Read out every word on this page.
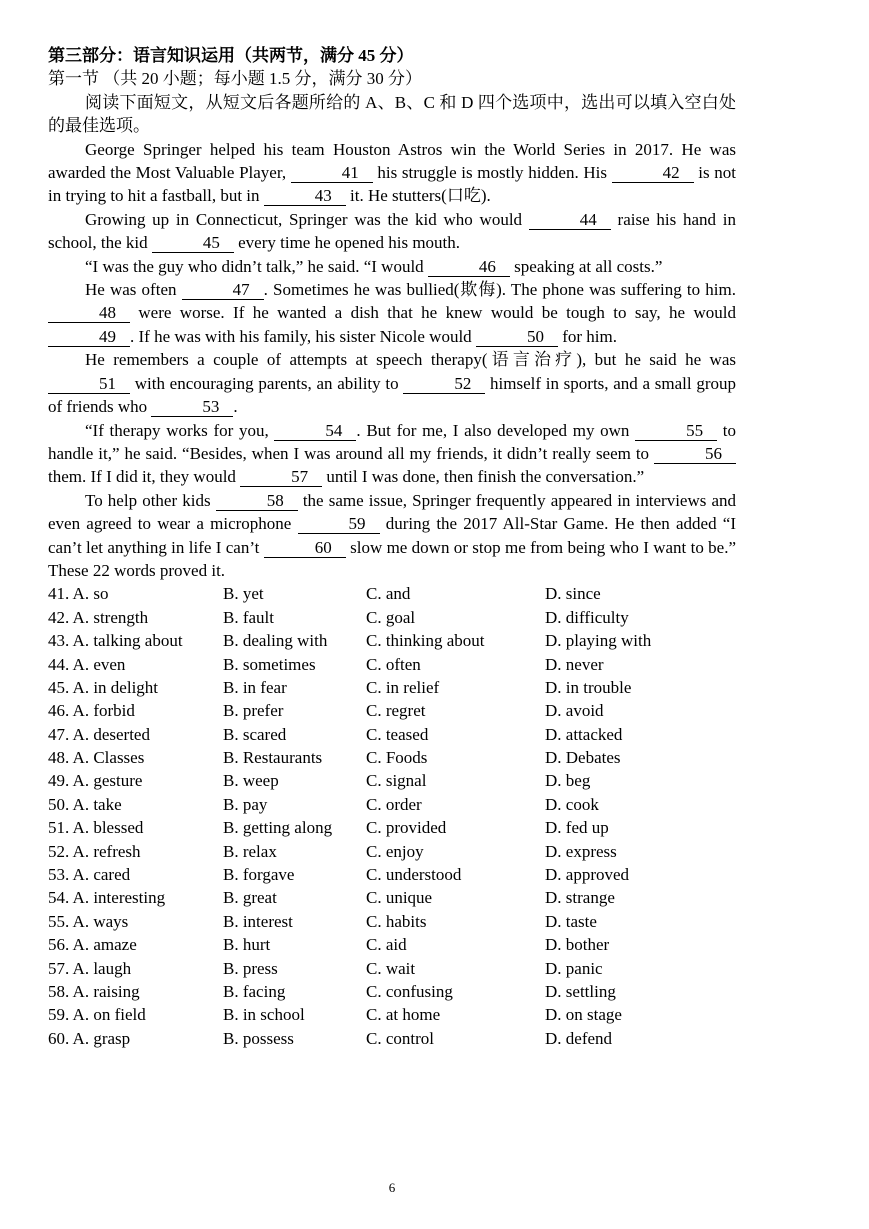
第三部分：语言知识运用（共两节，满分 45 分）

第一节 （共 20 小题；每小题 1.5 分，满分 30 分）

阅读下面短文，从短文后各题所给的 A、B、C 和 D 四个选项中，选出可以填入空白处的最佳选项。

George Springer helped his team Houston Astros win the World Series in 2017. He was awarded the Most Valuable Player,	41 his struggle is mostly hidden. His	42 is not in trying to hit a fastball, but in	43 it. He stutters(口吃).

Growing up in Connecticut, Springer was the kid who would	44 raise his hand in school, the kid	45 every time he opened his mouth.

“I was the guy who didn’t talk,” he said. “I would	46 speaking at all costs.”

He was often	47 . Sometimes he was bullied(欺侮). The phone was suffering to him. 48 were worse. If he wanted a dish that he knew would be tough to say, he would 49 . If he was with his family, his sister Nicole would	50 for him.

He remembers a couple of attempts at speech therapy(语言治疗), but he said he was 51 with encouraging parents, an ability to	52 himself in sports, and a small group of friends who	53 .

“If therapy works for you,	54 . But for me, I also developed my own	55 to handle it,” he said. “Besides, when I was around all my friends, it didn’t really seem to	56 them. If I did it, they would	57 until I was done, then finish the conversation.”

To help other kids	58 the same issue, Springer frequently appeared in interviews and even agreed to wear a microphone	59 during the 2017 All-Star Game. He then added “I can’t let anything in life I can’t	60 slow me down or stop me from being who I want to be.” These 22 words proved it.

41. A. so	B. yet	C. and	D. since
42. A. strength	B. fault	C. goal	D. difficulty
43. A. talking about	B. dealing with	C. thinking about	D. playing with
44. A. even	B. sometimes	C. often	D. never
45. A. in delight	B. in fear	C. in relief	D. in trouble
46. A. forbid	B. prefer	C. regret	D. avoid
47. A. deserted	B. scared	C. teased	D. attacked
48. A. Classes	B. Restaurants	C. Foods	D. Debates
49. A. gesture	B. weep	C. signal	D. beg
50. A. take	B. pay	C. order	D. cook
51. A. blessed	B. getting along	C. provided	D. fed up
52. A. refresh	B. relax	C. enjoy	D. express
53. A. cared	B. forgave	C. understood	D. approved
54. A. interesting	B. great	C. unique	D. strange
55. A. ways	B. interest	C. habits	D. taste
56. A. amaze	B. hurt	C. aid	D. bother
57. A. laugh	B. press	C. wait	D. panic
58. A. raising	B. facing	C. confusing	D. settling
59. A. on field	B. in school	C. at home	D. on stage
60. A. grasp	B. possess	C. control	D. defend
6
